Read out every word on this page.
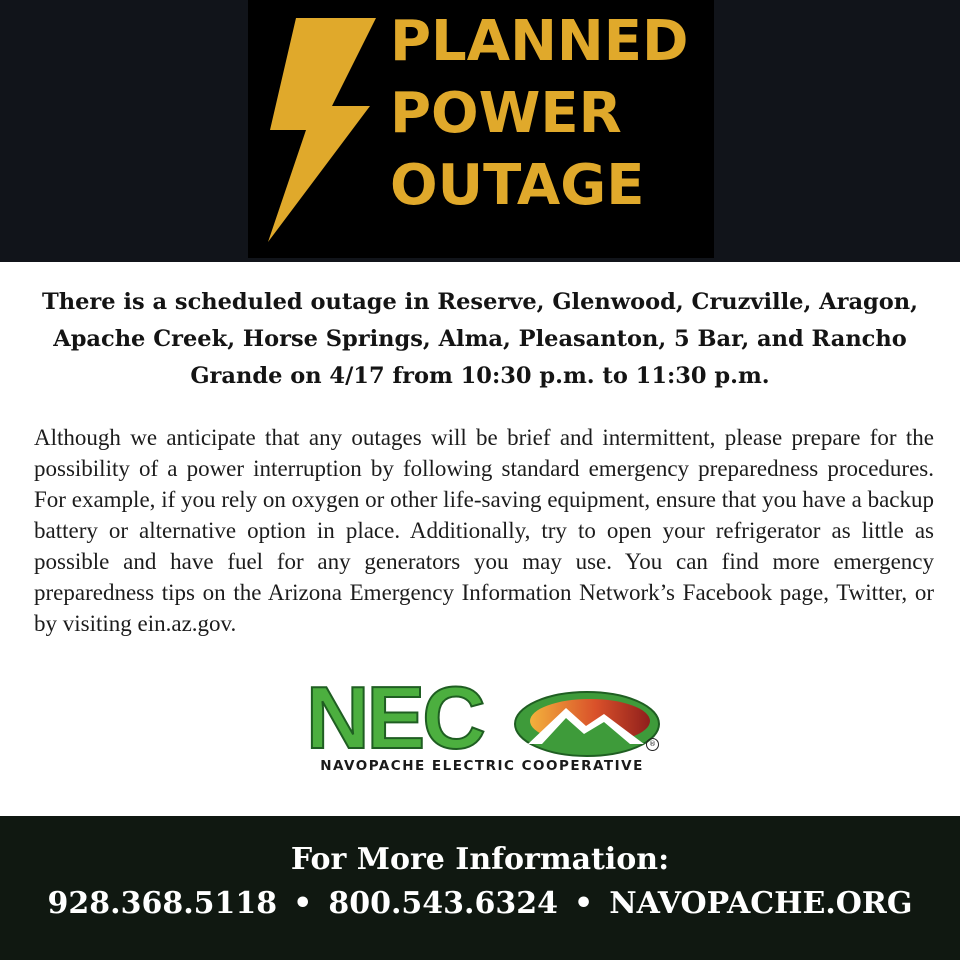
PLANNED
POWER
OUTAGE

There is a scheduled outage in Reserve, Glenwood, Cruzville, Aragon, Apache Creek, Horse Springs, Alma, Pleasanton, 5 Bar, and Rancho Grande on 4/17 from 10:30 p.m. to 11:30 p.m.

Although we anticipate that any outages will be brief and intermittent, please prepare for the possibility of a power interruption by following standard emergency preparedness procedures. For example, if you rely on oxygen or other life-saving equipment, ensure that you have a backup battery or alternative option in place. Additionally, try to open your refrigerator as little as possible and have fuel for any generators you may use. You can find more emergency preparedness tips on the Arizona Emergency Information Network’s Facebook page, Twitter, or by visiting ein.az.gov.

NEC	®

NAVOPACHE ELECTRIC COOPERATIVE

For More Information:

928.368.5118 • 800.543.6324 • NAVOPACHE.ORG
